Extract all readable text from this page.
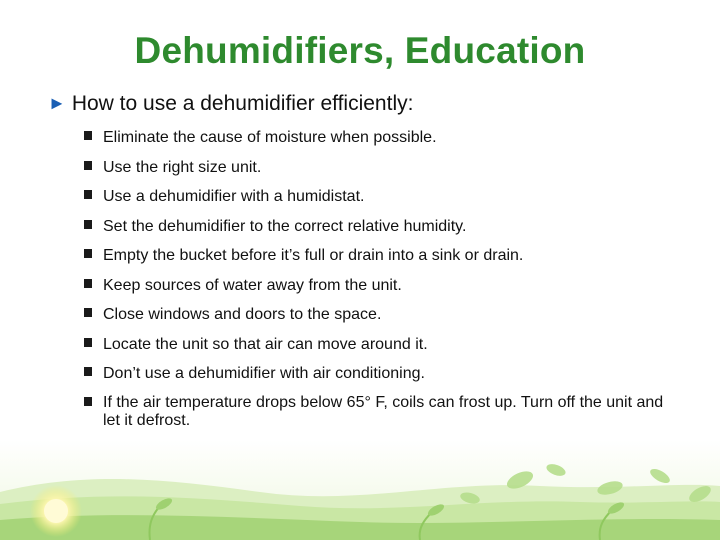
Dehumidifiers, Education
► How to use a dehumidifier efficiently:
Eliminate the cause of moisture when possible.
Use the right size unit.
Use a dehumidifier with a humidistat.
Set the dehumidifier to the correct relative humidity.
Empty the bucket before it’s full or drain into a sink or drain.
Keep sources of water away from the unit.
Close windows and doors to the space.
Locate the unit so that air can move around it.
Don’t use a dehumidifier with air conditioning.
If the air temperature drops below 65° F, coils can frost up. Turn off the unit and let it defrost.
